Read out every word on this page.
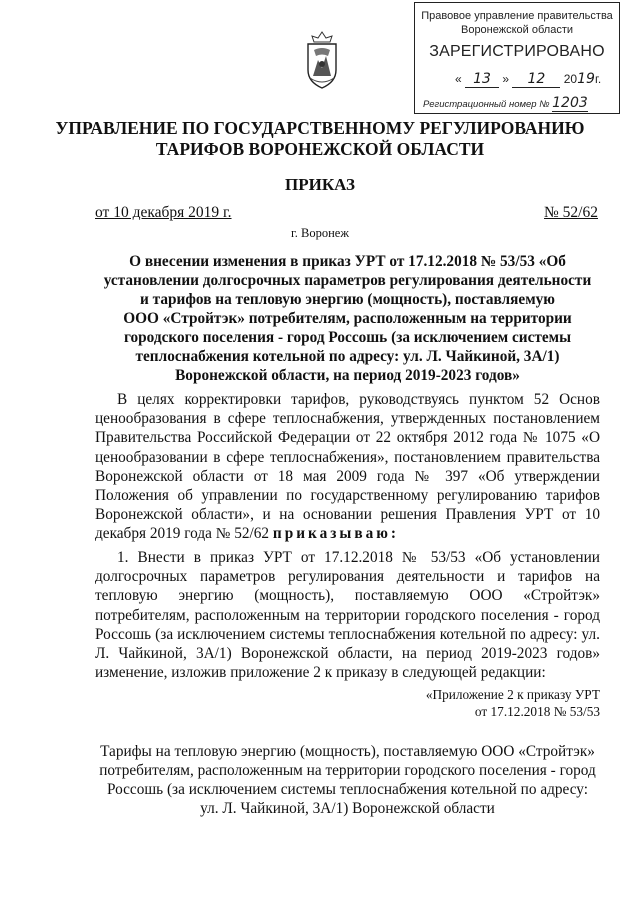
Правовое управление правительства
Воронежской области
ЗАРЕГИСТРИРОВАНО
« 13 » 12 2019г.
Регистрационный номер № 1203
УПРАВЛЕНИЕ ПО ГОСУДАРСТВЕННОМУ РЕГУЛИРОВАНИЮ
ТАРИФОВ ВОРОНЕЖСКОЙ ОБЛАСТИ
ПРИКАЗ
от 10 декабря 2019 г.	№ 52/62
г. Воронеж
О внесении изменения в приказ УРТ от 17.12.2018 № 53/53 «Об
установлении долгосрочных параметров регулирования деятельности
и тарифов на тепловую энергию (мощность), поставляемую
ООО «Стройтэк» потребителям, расположенным на территории
городского поселения - город Россошь (за исключением системы
теплоснабжения котельной по адресу: ул. Л. Чайкиной, 3А/1)
Воронежской области, на период 2019-2023 годов»
В целях корректировки тарифов, руководствуясь пунктом 52 Основ ценообразования в сфере теплоснабжения, утвержденных постановлением Правительства Российской Федерации от 22 октября 2012 года № 1075 «О ценообразовании в сфере теплоснабжения», постановлением правительства Воронежской области от 18 мая 2009 года № 397 «Об утверждении Положения об управлении по государственному регулированию тарифов Воронежской области», и на основании решения Правления УРТ от 10 декабря 2019 года № 52/62 приказываю:
1. Внести в приказ УРТ от 17.12.2018 № 53/53 «Об установлении долгосрочных параметров регулирования деятельности и тарифов на тепловую энергию (мощность), поставляемую ООО «Стройтэк» потребителям, расположенным на территории городского поселения - город Россошь (за исключением системы теплоснабжения котельной по адресу: ул. Л. Чайкиной, 3А/1) Воронежской области, на период 2019-2023 годов» изменение, изложив приложение 2 к приказу в следующей редакции:
«Приложение 2 к приказу УРТ
от 17.12.2018 № 53/53
Тарифы на тепловую энергию (мощность), поставляемую ООО «Стройтэк»
потребителям, расположенным на территории городского поселения - город
Россошь (за исключением системы теплоснабжения котельной по адресу:
ул. Л. Чайкиной, 3А/1) Воронежской области
